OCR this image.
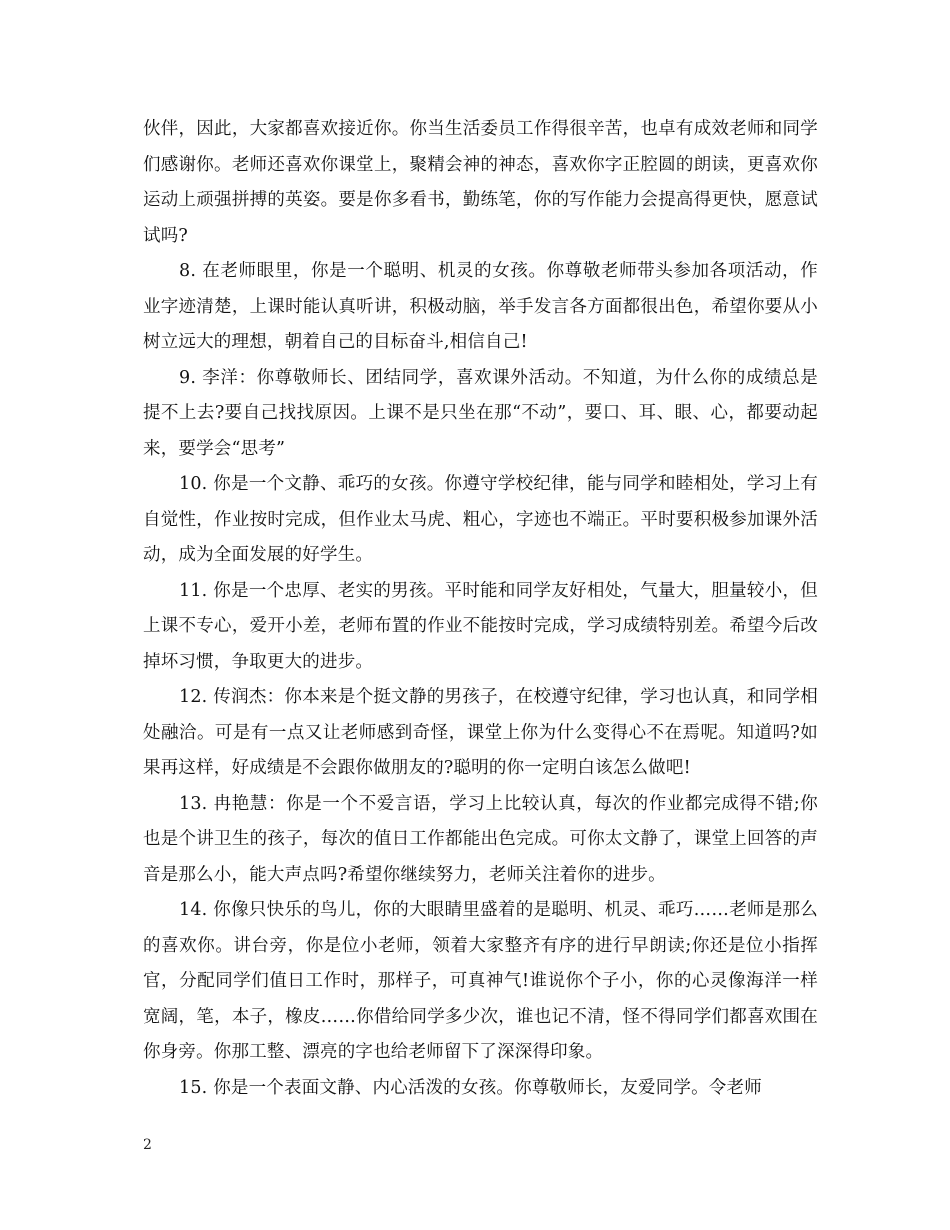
伙伴，因此，大家都喜欢接近你。你当生活委员工作得很辛苦，也卓有成效老师和同学们感谢你。老师还喜欢你课堂上，聚精会神的神态，喜欢你字正腔圆的朗读，更喜欢你运动上顽强拼搏的英姿。要是你多看书，勤练笔，你的写作能力会提高得更快，愿意试试吗?

8. 在老师眼里，你是一个聪明、机灵的女孩。你尊敬老师带头参加各项活动，作业字迹清楚，上课时能认真听讲，积极动脑，举手发言各方面都很出色，希望你要从小树立远大的理想，朝着自己的目标奋斗,相信自己!

9. 李洋：你尊敬师长、团结同学，喜欢课外活动。不知道，为什么你的成绩总是提不上去?要自己找找原因。上课不是只坐在那“不动”，要口、耳、眼、心，都要动起来，要学会“思考”

10. 你是一个文静、乖巧的女孩。你遵守学校纪律，能与同学和睦相处，学习上有自觉性，作业按时完成，但作业太马虎、粗心，字迹也不端正。平时要积极参加课外活动，成为全面发展的好学生。

11. 你是一个忠厚、老实的男孩。平时能和同学友好相处，气量大，胆量较小，但上课不专心，爱开小差，老师布置的作业不能按时完成，学习成绩特别差。希望今后改掉坏习惯，争取更大的进步。

12. 传润杰：你本来是个挺文静的男孩子，在校遵守纪律，学习也认真，和同学相处融洽。可是有一点又让老师感到奇怪，课堂上你为什么变得心不在焉呢。知道吗?如果再这样，好成绩是不会跟你做朋友的?聪明的你一定明白该怎么做吧!

13. 冉艳慧：你是一个不爱言语，学习上比较认真，每次的作业都完成得不错;你也是个讲卫生的孩子，每次的值日工作都能出色完成。可你太文静了，课堂上回答的声音是那么小，能大声点吗?希望你继续努力，老师关注着你的进步。

14. 你像只快乐的鸟儿，你的大眼睛里盛着的是聪明、机灵、乖巧……老师是那么的喜欢你。讲台旁，你是位小老师，领着大家整齐有序的进行早朗读;你还是位小指挥官，分配同学们值日工作时，那样子，可真神气!谁说你个子小，你的心灵像海洋一样宽阔，笔，本子，橡皮……你借给同学多少次，谁也记不清，怪不得同学们都喜欢围在你身旁。你那工整、漂亮的字也给老师留下了深深得印象。

15. 你是一个表面文静、内心活泼的女孩。你尊敬师长，友爱同学。令老师

2
